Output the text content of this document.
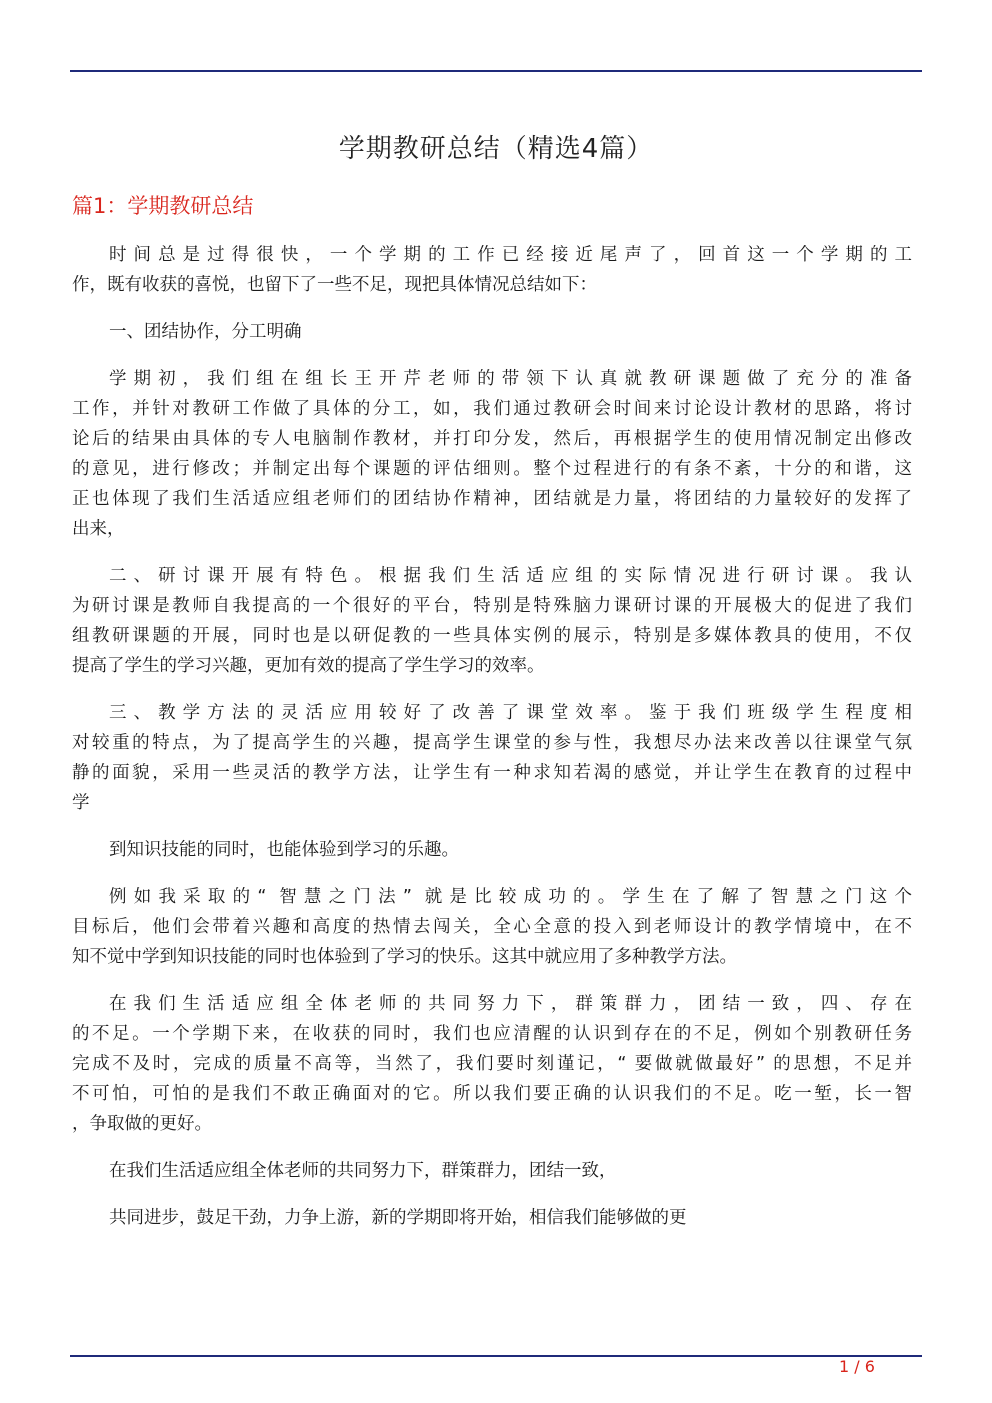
学期教研总结（精选4篇）
篇1：学期教研总结
时间总是过得很快，一个学期的工作已经接近尾声了，回首这一个学期的工
作，既有收获的喜悦，也留下了一些不足，现把具体情况总结如下：
一、团结协作，分工明确
学期初，我们组在组长王开芹老师的带领下认真就教研课题做了充分的准备
工作，并针对教研工作做了具体的分工，如，我们通过教研会时间来讨论设计教材的思路，将讨
论后的结果由具体的专人电脑制作教材，并打印分发，然后，再根据学生的使用情况制定出修改
的意见，进行修改；并制定出每个课题的评估细则。整个过程进行的有条不紊，十分的和谐，这
正也体现了我们生活适应组老师们的团结协作精神，团结就是力量，将团结的力量较好的发挥了
出来，
二、研讨课开展有特色。根据我们生活适应组的实际情况进行研讨课。我认
为研讨课是教师自我提高的一个很好的平台，特别是特殊脑力课研讨课的开展极大的促进了我们
组教研课题的开展，同时也是以研促教的一些具体实例的展示，特别是多媒体教具的使用，不仅
提高了学生的学习兴趣，更加有效的提高了学生学习的效率。
三、教学方法的灵活应用较好了改善了课堂效率。鉴于我们班级学生程度相
对较重的特点，为了提高学生的兴趣，提高学生课堂的参与性，我想尽办法来改善以往课堂气氛
静的面貌，采用一些灵活的教学方法，让学生有一种求知若渴的感觉，并让学生在教育的过程中
学
到知识技能的同时，也能体验到学习的乐趣。
例如我采取的“ 智慧之门法” 就是比较成功的。学生在了解了智慧之门这个
目标后，他们会带着兴趣和高度的热情去闯关，全心全意的投入到老师设计的教学情境中，在不
知不觉中学到知识技能的同时也体验到了学习的快乐。这其中就应用了多种教学方法。
在我们生活适应组全体老师的共同努力下，群策群力，团结一致，四、存在
的不足。一个学期下来，在收获的同时，我们也应清醒的认识到存在的不足，例如个别教研任务
完成不及时，完成的质量不高等，当然了，我们要时刻谨记，“ 要做就做最好” 的思想，不足并
不可怕，可怕的是我们不敢正确面对的它。所以我们要正确的认识我们的不足。吃一堑，长一智
，争取做的更好。
在我们生活适应组全体老师的共同努力下，群策群力，团结一致，
共同进步，鼓足干劲，力争上游，新的学期即将开始，相信我们能够做的更
1 / 6
